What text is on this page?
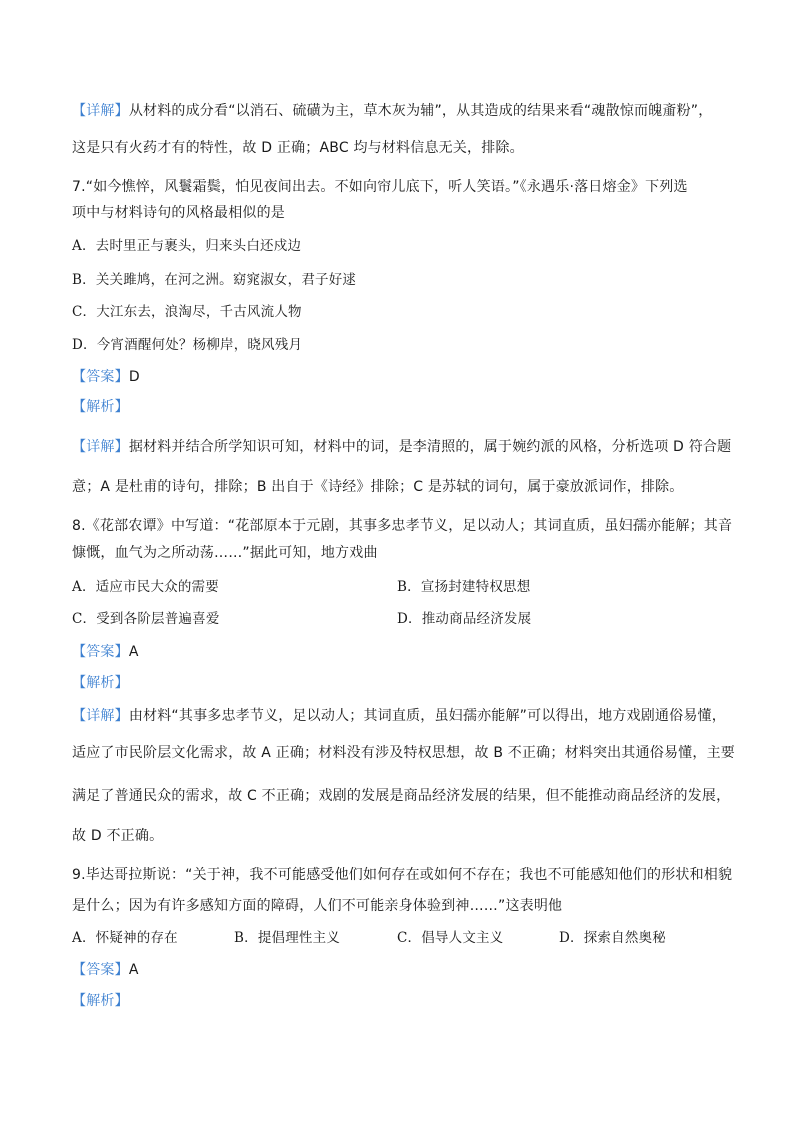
【详解】从材料的成分看“以消石、硫磺为主，草木灰为辅”，从其造成的结果来看“魂散惊而魄齑粉”，
这是只有火药才有的特性，故 D 正确；ABC 均与材料信息无关，排除。
7.“如今憔悴，风鬟霜鬓，怕见夜间出去。不如向帘儿底下，听人笑语。”《永遇乐·落日熔金》下列选
项中与材料诗句的风格最相似的是
A．去时里正与裹头，归来头白还戍边
B．关关雎鸠，在河之洲。窈窕淑女，君子好逑
C．大江东去，浪淘尽，千古风流人物
D．今宵酒醒何处？杨柳岸，晓风残月
【答案】D
【解析】
【详解】据材料并结合所学知识可知，材料中的词，是李清照的，属于婉约派的风格，分析选项 D 符合题
意；A 是杜甫的诗句，排除；B 出自于《诗经》排除；C 是苏轼的词句，属于豪放派词作，排除。
8.《花部农谭》中写道：“花部原本于元剧，其事多忠孝节义，足以动人；其词直质，虽妇孺亦能解；其音
慷慨，血气为之所动荡……”据此可知，地方戏曲
A．适应市民大众的需要	B．宣扬封建特权思想
C．受到各阶层普遍喜爱	D．推动商品经济发展
【答案】A
【解析】
【详解】由材料“其事多忠孝节义，足以动人；其词直质，虽妇孺亦能解”可以得出，地方戏剧通俗易懂，
适应了市民阶层文化需求，故 A 正确；材料没有涉及特权思想，故 B 不正确；材料突出其通俗易懂，主要
满足了普通民众的需求，故 C 不正确；戏剧的发展是商品经济发展的结果，但不能推动商品经济的发展，
故 D 不正确。
9.毕达哥拉斯说：“关于神，我不可能感受他们如何存在或如何不存在；我也不可能感知他们的形状和相貌
是什么；因为有许多感知方面的障碍，人们不可能亲身体验到神……”这表明他
A．怀疑神的存在	B．提倡理性主义	C．倡导人文主义	D．探索自然奥秘
【答案】A
【解析】
